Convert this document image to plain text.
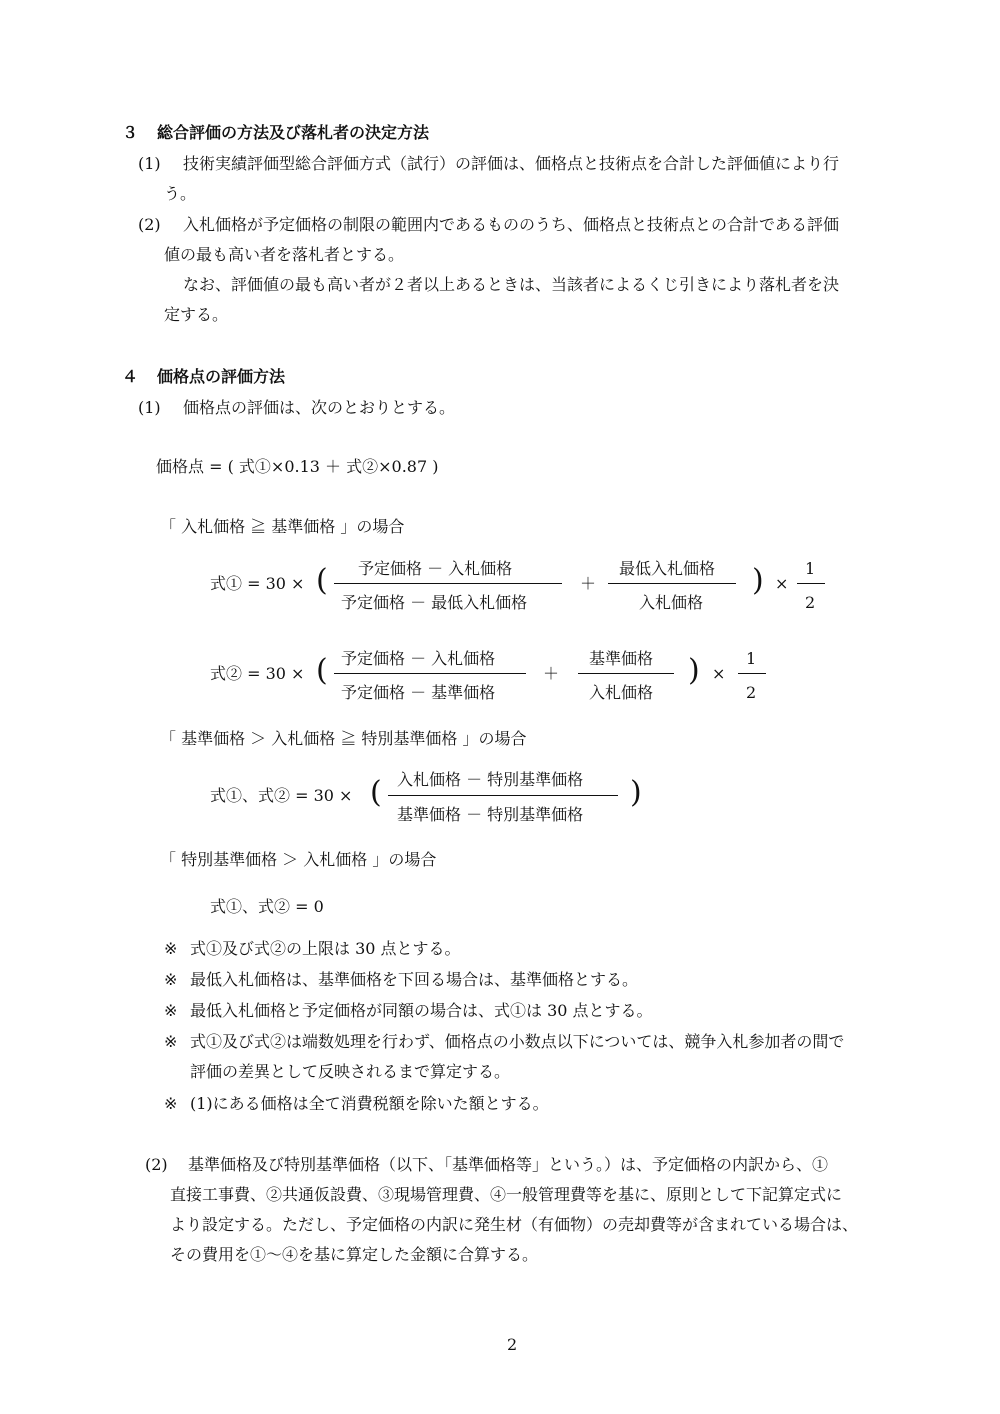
３ 総合評価の方法及び落札者の決定方法
(1) 技術実績評価型総合評価方式（試行）の評価は、価格点と技術点を合計した評価値により行
う。
(2) 入札価格が予定価格の制限の範囲内であるもののうち、価格点と技術点との合計である評価
値の最も高い者を落札者とする。
なお、評価値の最も高い者が２者以上あるときは、当該者によるくじ引きにより落札者を決
定する。
４ 価格点の評価方法
(1) 価格点の評価は、次のとおりとする。
価格点 = ( 式①×0.13 ＋ 式②×0.87 )
「 入札価格 ≧ 基準価格 」の場合
式① = 30 × ( 予定価格 － 入札価格
予定価格 － 最低入札価格
＋
最低入札価格
入札価格
) ×
1
2
式② = 30 × ( 予定価格 － 入札価格
予定価格 － 基準価格
＋
基準価格
入札価格
) ×
1
2
「 基準価格 ＞ 入札価格 ≧ 特別基準価格 」の場合
式①、式② = 30 × ( 入札価格 － 特別基準価格
基準価格 － 特別基準価格
)
「 特別基準価格 ＞ 入札価格 」の場合
式①、式② = 0
※ 式①及び式②の上限は 30 点とする。
※ 最低入札価格は、基準価格を下回る場合は、基準価格とする。
※ 最低入札価格と予定価格が同額の場合は、式①は 30 点とする。
※ 式①及び式②は端数処理を行わず、価格点の小数点以下については、競争入札参加者の間で
評価の差異として反映されるまで算定する。
※ (1)にある価格は全て消費税額を除いた額とする。
(2) 基準価格及び特別基準価格（以下、「基準価格等」という。）は、予定価格の内訳から、①
直接工事費、②共通仮設費、③現場管理費、④一般管理費等を基に、原則として下記算定式に
より設定する。ただし、予定価格の内訳に発生材（有価物）の売却費等が含まれている場合は、
その費用を①～④を基に算定した金額に合算する。
2
